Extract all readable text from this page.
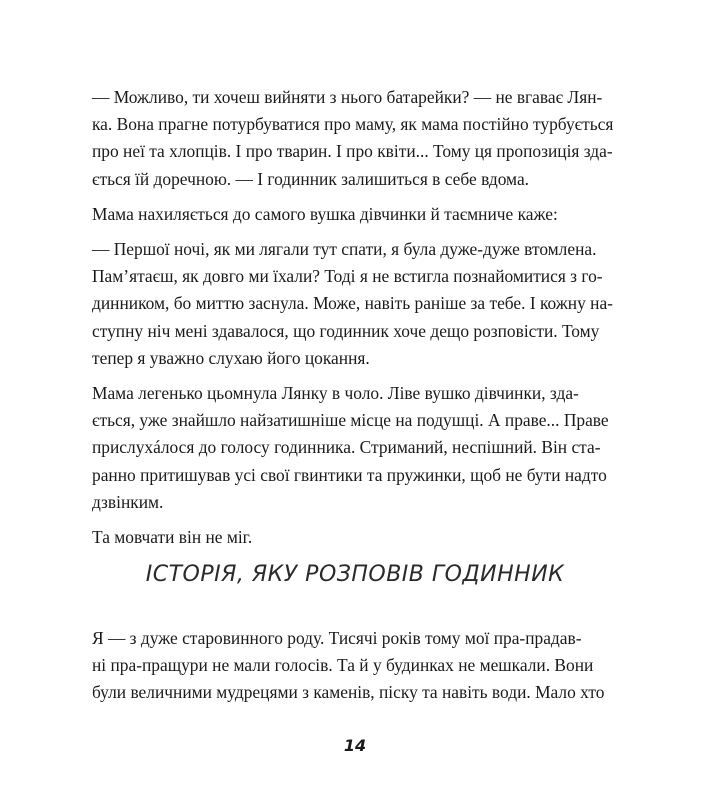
— Можливо, ти хочеш вийняти з нього батарейки? — не вгаває Лян-
ка. Вона прагне потурбуватися про маму, як мама постійно турбується
про неї та хлопців. І про тварин. І про квіти... Тому ця пропозиція зда-
ється їй доречною. — І годинник залишиться в себе вдома.

Мама нахиляється до самого вушка дівчинки й таємниче каже:

— Першої ночі, як ми лягали тут спати, я була дуже-дуже втомлена.
Пам’ятаєш, як довго ми їхали? Тоді я не встигла познайомитися з го-
динником, бо миттю заснула. Може, навіть раніше за тебе. І кожну на-
ступну ніч мені здавалося, що годинник хоче дещо розповісти. Тому
тепер я уважно слухаю його цокання.

Мама легенько цьомнула Лянку в чоло. Ліве вушко дівчинки, зда-
ється, уже знайшло найзатишніше місце на подушці. А праве... Праве
прислухáлося до голосу годинника. Стриманий, неспішний. Він ста-
ранно притишував усі свої гвинтики та пружинки, щоб не бути надто
дзвінким.

Та мовчати він не міг.

ІСТОРІЯ, ЯКУ РОЗПОВІВ ГОДИННИК

Я — з дуже старовинного роду. Тисячі років тому мої пра-прадав-
ні пра-пращури не мали голосів. Та й у будинках не мешкали. Вони
були величними мудрецями з каменів, піску та навіть води. Мало хто

14
